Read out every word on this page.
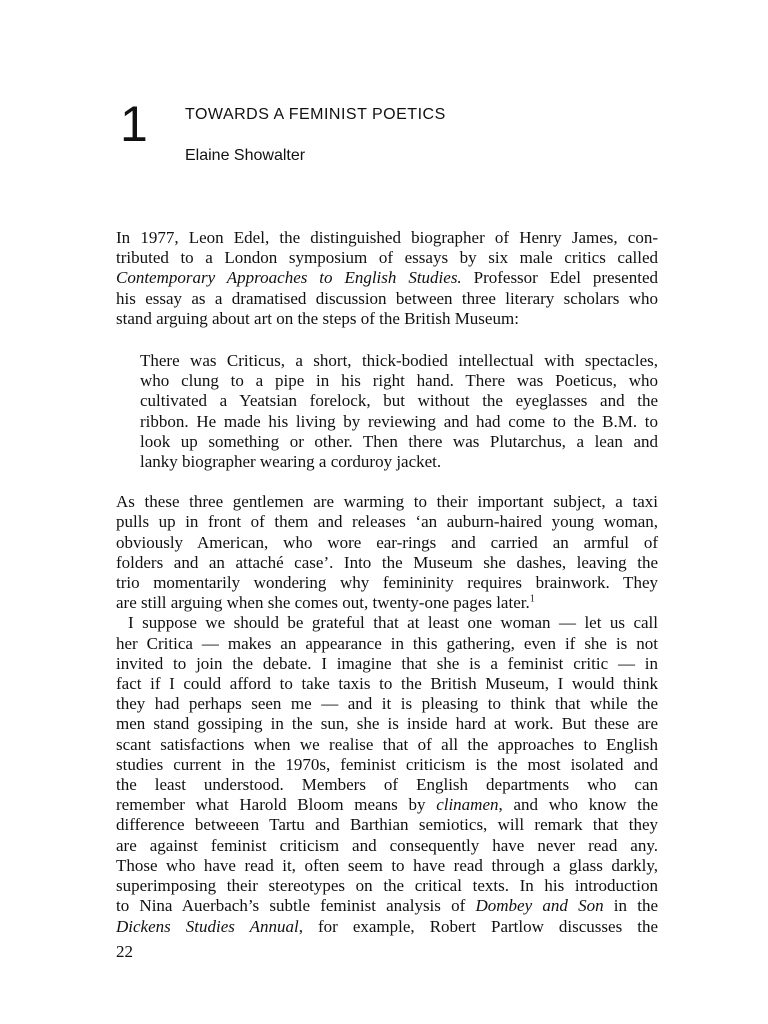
1 TOWARDS A FEMINIST POETICS
Elaine Showalter
In 1977, Leon Edel, the distinguished biographer of Henry James, con-
tributed to a London symposium of essays by six male critics called
Contemporary Approaches to English Studies. Professor Edel presented
his essay as a dramatised discussion between three literary scholars who
stand arguing about art on the steps of the British Museum:
There was Criticus, a short, thick-bodied intellectual with spectacles,
who clung to a pipe in his right hand. There was Poeticus, who
cultivated a Yeatsian forelock, but without the eyeglasses and the
ribbon. He made his living by reviewing and had come to the B.M. to
look up something or other. Then there was Plutarchus, a lean and
lanky biographer wearing a corduroy jacket.
As these three gentlemen are warming to their important subject, a taxi
pulls up in front of them and releases ‘an auburn-haired young woman,
obviously American, who wore ear-rings and carried an armful of
folders and an attaché case’. Into the Museum she dashes, leaving the
trio momentarily wondering why femininity requires brainwork. They
are still arguing when she comes out, twenty-one pages later.$^1$
I suppose we should be grateful that at least one woman — let us call
her Critica — makes an appearance in this gathering, even if she is not
invited to join the debate. I imagine that she is a feminist critic — in
fact if I could afford to take taxis to the British Museum, I would think
they had perhaps seen me — and it is pleasing to think that while the
men stand gossiping in the sun, she is inside hard at work. But these are
scant satisfactions when we realise that of all the approaches to English
studies current in the 1970s, feminist criticism is the most isolated and
the least understood. Members of English departments who can
remember what Harold Bloom means by clinamen, and who know the
difference betweeen Tartu and Barthian semiotics, will remark that they
are against feminist criticism and consequently have never read any.
Those who have read it, often seem to have read through a glass darkly,
superimposing their stereotypes on the critical texts. In his introduction
to Nina Auerbach’s subtle feminist analysis of Dombey and Son in the
Dickens Studies Annual, for example, Robert Partlow discusses the
22
